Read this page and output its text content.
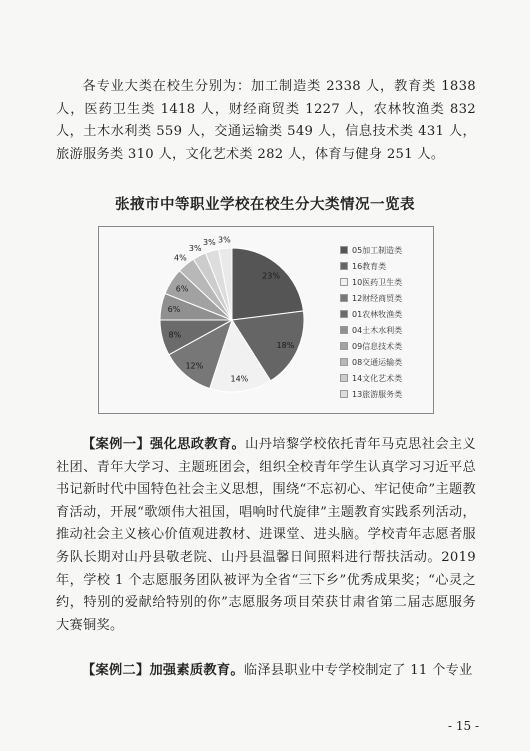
各专业大类在校生分别为：加工制造类 2338 人，教育类 1838 人，医药卫生类 1418 人，财经商贸类 1227 人，农林牧渔类 832 人，土木水利类 559 人，交通运输类 549 人，信息技术类 431 人，旅游服务类 310 人，文化艺术类 282 人，体育与健身 251 人。

张掖市中等职业学校在校生分大类情况一览表
23%
18%
14%
12%
8%
6%
6%
4%
3%
3% 3%
05加工制造类
16教育类
10医药卫生类
12财经商贸类
01农林牧渔类
04土木水利类
09信息技术类
08交通运输类
14文化艺术类
13旅游服务类

【案例一】强化思政教育。山丹培黎学校依托青年马克思社会主义社团、青年大学习、主题班团会，组织全校青年学生认真学习习近平总书记新时代中国特色社会主义思想，围绕“不忘初心、牢记使命”主题教育活动，开展“歌颂伟大祖国，唱响时代旋律”主题教育实践系列活动，推动社会主义核心价值观进教材、进课堂、进头脑。学校青年志愿者服务队长期对山丹县敬老院、山丹县温馨日间照料进行帮扶活动。2019 年，学校 1 个志愿服务团队被评为全省“三下乡”优秀成果奖；“心灵之约，特别的爱献给特别的你”志愿服务项目荣获甘肃省第二届志愿服务大赛铜奖。

【案例二】加强素质教育。临泽县职业中专学校制定了 11 个专业

- 15 -
